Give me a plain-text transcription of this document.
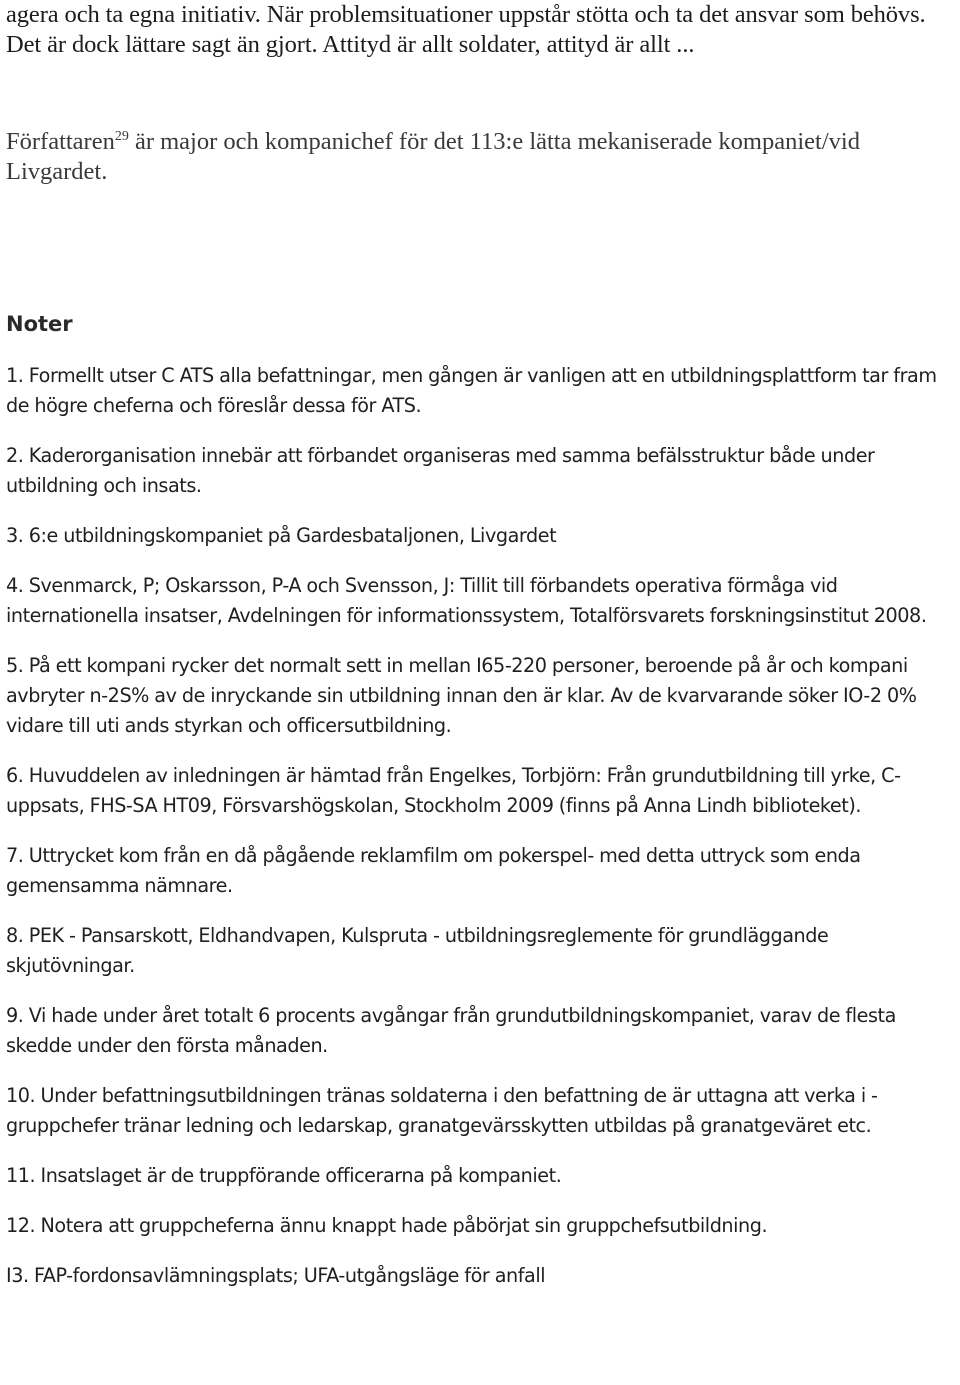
agera och ta egna initiativ. När problemsituationer uppstår stötta och ta det ansvar som behövs. Det är dock lättare sagt än gjort. Attityd är allt soldater, attityd är allt ...

Författaren$^{29}$ är major och kompanichef för det 113:e lätta mekaniserade kompaniet/vid Livgardet.

Noter
1. Formellt utser C ATS alla befattningar, men gången är vanligen att en utbildningsplattform tar fram de högre cheferna och föreslår dessa för ATS.
2. Kaderorganisation innebär att förbandet organiseras med samma befälsstruktur både under utbildning och insats.
3. 6:e utbildningskompaniet på Gardesbataljonen, Livgardet
4. Svenmarck, P; Oskarsson, P-A och Svensson, J: Tillit till förbandets operativa förmåga vid internationella insatser, Avdelningen för informationssystem, Totalförsvarets forskningsinstitut 2008.
5. På ett kompani rycker det normalt sett in mellan I65-220 personer, beroende på år och kompani avbryter n-2S% av de inryckande sin utbildning innan den är klar. Av de kvarvarande söker IO-2 0% vidare till uti ands styrkan och officersutbildning.
6. Huvuddelen av inledningen är hämtad från Engelkes, Torbjörn: Från grundutbildning till yrke, C-uppsats, FHS-SA HT09, Försvarshögskolan, Stockholm 2009 (finns på Anna Lindh biblioteket).
7. Uttrycket kom från en då pågående reklamfilm om pokerspel- med detta uttryck som enda gemensamma nämnare.
8. PEK - Pansarskott, Eldhandvapen, Kulspruta - utbildningsreglemente för grundläggande skjutövningar.
9. Vi hade under året totalt 6 procents avgångar från grundutbildningskompaniet, varav de flesta skedde under den första månaden.
10. Under befattningsutbildningen tränas soldaterna i den befattning de är uttagna att verka i - gruppchefer tränar ledning och ledarskap, granatgevärsskytten utbildas på granatgeväret etc.
11. Insatslaget är de truppförande officerarna på kompaniet.
12. Notera att gruppcheferna ännu knappt hade påbörjat sin gruppchefsutbildning.
I3. FAP-fordonsavlämningsplats; UFA-utgångsläge för anfall
